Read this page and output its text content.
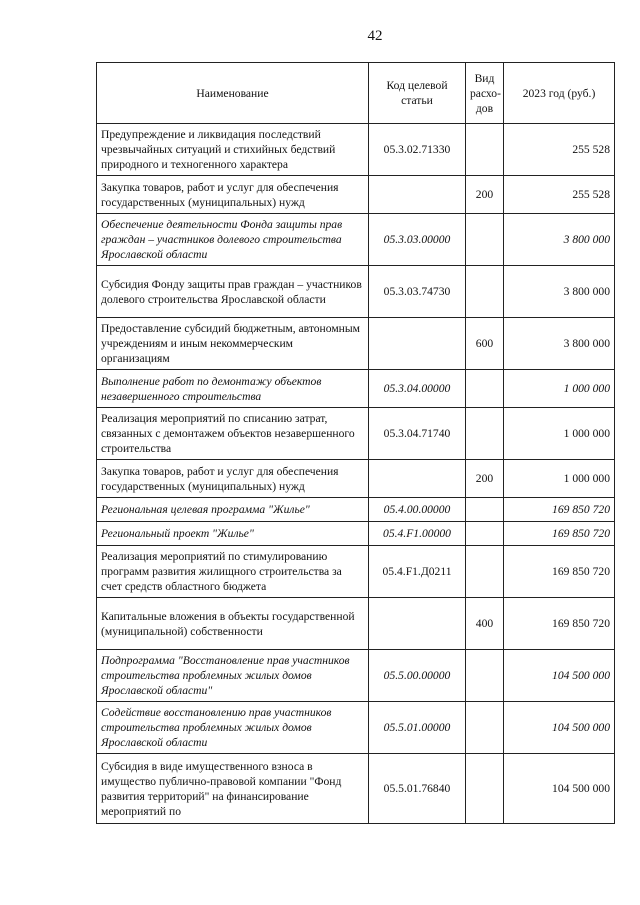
42
Наименование	Код целевой статьи	Вид расхо-дов	2023 год (руб.)
Предупреждение и ликвидация последствий чрезвычайных ситуаций и стихийных бедствий природного и техногенного характера	05.3.02.71330		255 528
Закупка товаров, работ и услуг для обеспечения государственных (муниципальных) нужд		200	255 528
Обеспечение деятельности Фонда защиты прав граждан – участников долевого строительства Ярославской области	05.3.03.00000		3 800 000
Субсидия Фонду защиты прав граждан – участников долевого строительства Ярославской области	05.3.03.74730		3 800 000
Предоставление субсидий бюджетным, автономным учреждениям и иным некоммерческим организациям		600	3 800 000
Выполнение работ по демонтажу объектов незавершенного строительства	05.3.04.00000		1 000 000
Реализация мероприятий по списанию затрат, связанных с демонтажем объектов незавершенного строительства	05.3.04.71740		1 000 000
Закупка товаров, работ и услуг для обеспечения государственных (муниципальных) нужд		200	1 000 000
Региональная целевая программа "Жилье"	05.4.00.00000		169 850 720
Региональный проект "Жилье"	05.4.F1.00000		169 850 720
Реализация мероприятий по стимулированию программ развития жилищного строительства за счет средств областного бюджета	05.4.F1.Д0211		169 850 720
Капитальные вложения в объекты государственной (муниципальной) собственности		400	169 850 720
Подпрограмма "Восстановление прав участников строительства проблемных жилых домов Ярославской области"	05.5.00.00000		104 500 000
Содействие восстановлению прав участников строительства проблемных жилых домов Ярославской области	05.5.01.00000		104 500 000
Субсидия в виде имущественного взноса в имущество публично-правовой компании "Фонд развития территорий" на финансирование мероприятий по	05.5.01.76840		104 500 000
